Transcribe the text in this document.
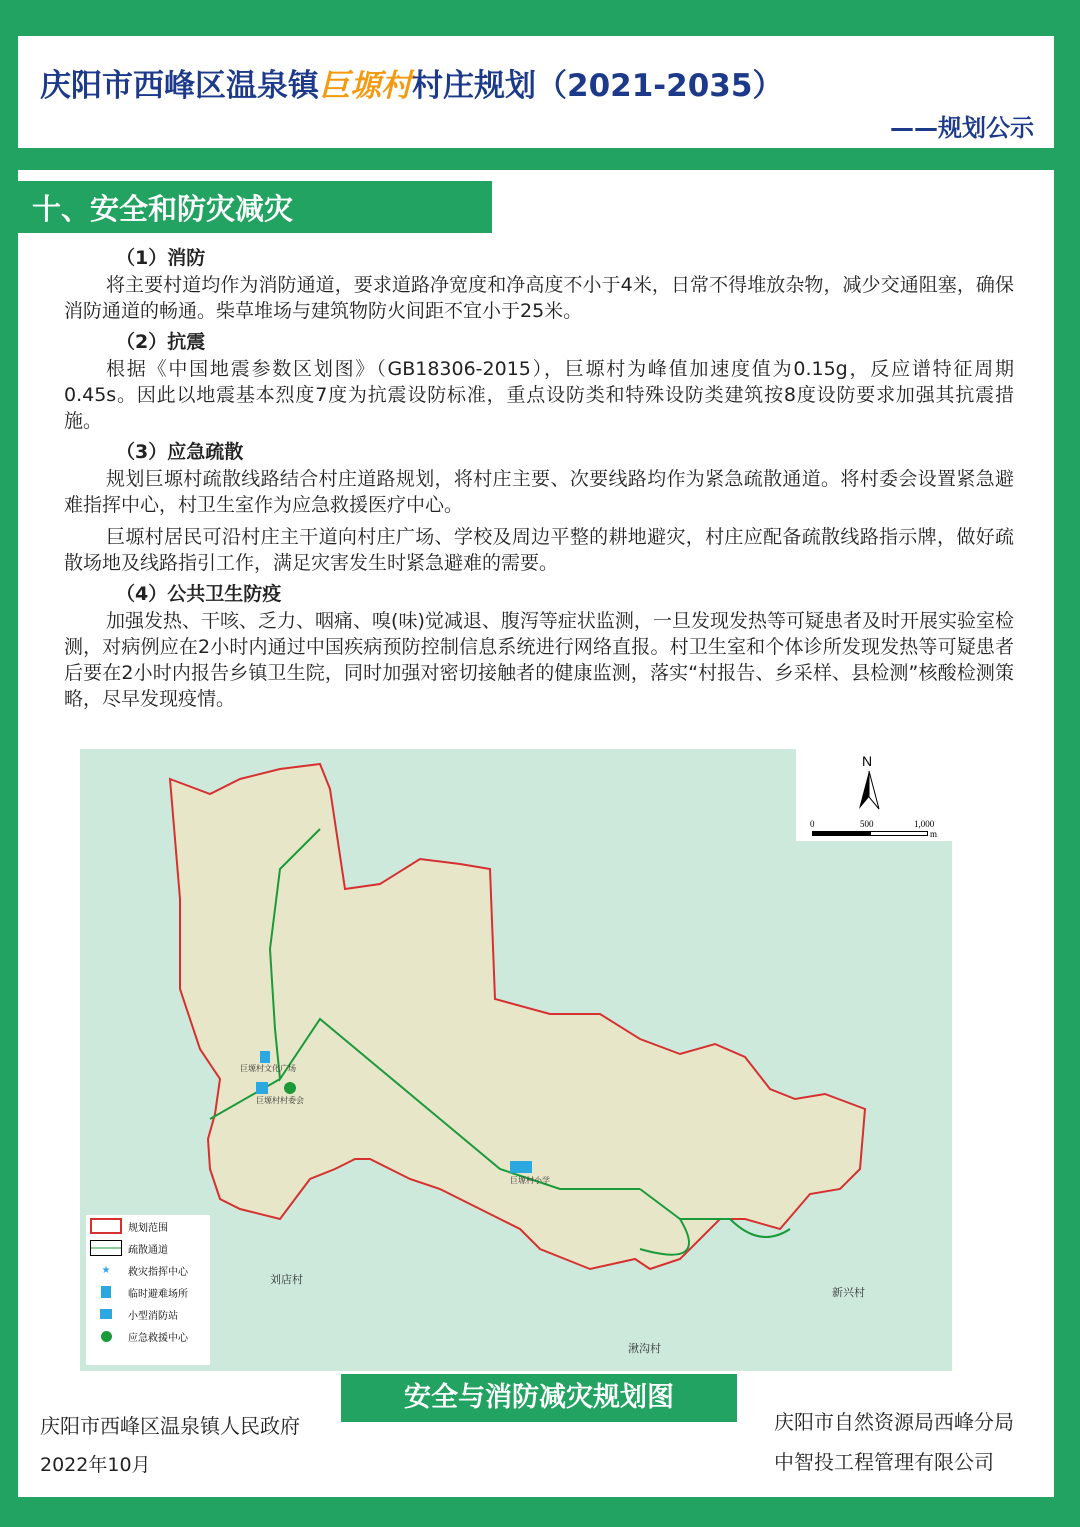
庆阳市西峰区温泉镇巨塬村村庄规划（2021-2035）
——规划公示
十、安全和防灾减灾
（1）消防

将主要村道均作为消防通道，要求道路净宽度和净高度不小于4米，日常不得堆放杂物，减少交通阻塞，确保消防通道的畅通。柴草堆场与建筑物防火间距不宜小于25米。

（2）抗震

根据《中国地震参数区划图》（GB18306-2015），巨塬村为峰值加速度值为0.15g，反应谱特征周期0.45s。因此以地震基本烈度7度为抗震设防标准，重点设防类和特殊设防类建筑按8度设防要求加强其抗震措施。

（3）应急疏散

规划巨塬村疏散线路结合村庄道路规划，将村庄主要、次要线路均作为紧急疏散通道。将村委会设置紧急避难指挥中心，村卫生室作为应急救援医疗中心。

巨塬村居民可沿村庄主干道向村庄广场、学校及周边平整的耕地避灾，村庄应配备疏散线路指示牌，做好疏散场地及线路指引工作，满足灾害发生时紧急避难的需要。

（4）公共卫生防疫

加强发热、干咳、乏力、咽痛、嗅(味)觉减退、腹泻等症状监测，一旦发现发热等可疑患者及时开展实验室检测，对病例应在2小时内通过中国疾病预防控制信息系统进行网络直报。村卫生室和个体诊所发现发热等可疑患者后要在2小时内报告乡镇卫生院，同时加强对密切接触者的健康监测，落实“村报告、乡采样、县检测”核酸检测策略，尽早发现疫情。

巨塬村文化广场
巨塬村村委会
巨塬村小学
刘店村
新兴村
湫沟村
N
0	500	1,000
m
规划范围
疏散通道
★	救灾指挥中心
临时避难场所
小型消防站
应急救援中心
安全与消防减灾规划图
庆阳市西峰区温泉镇人民政府
2022年10月
庆阳市自然资源局西峰分局
中智投工程管理有限公司
